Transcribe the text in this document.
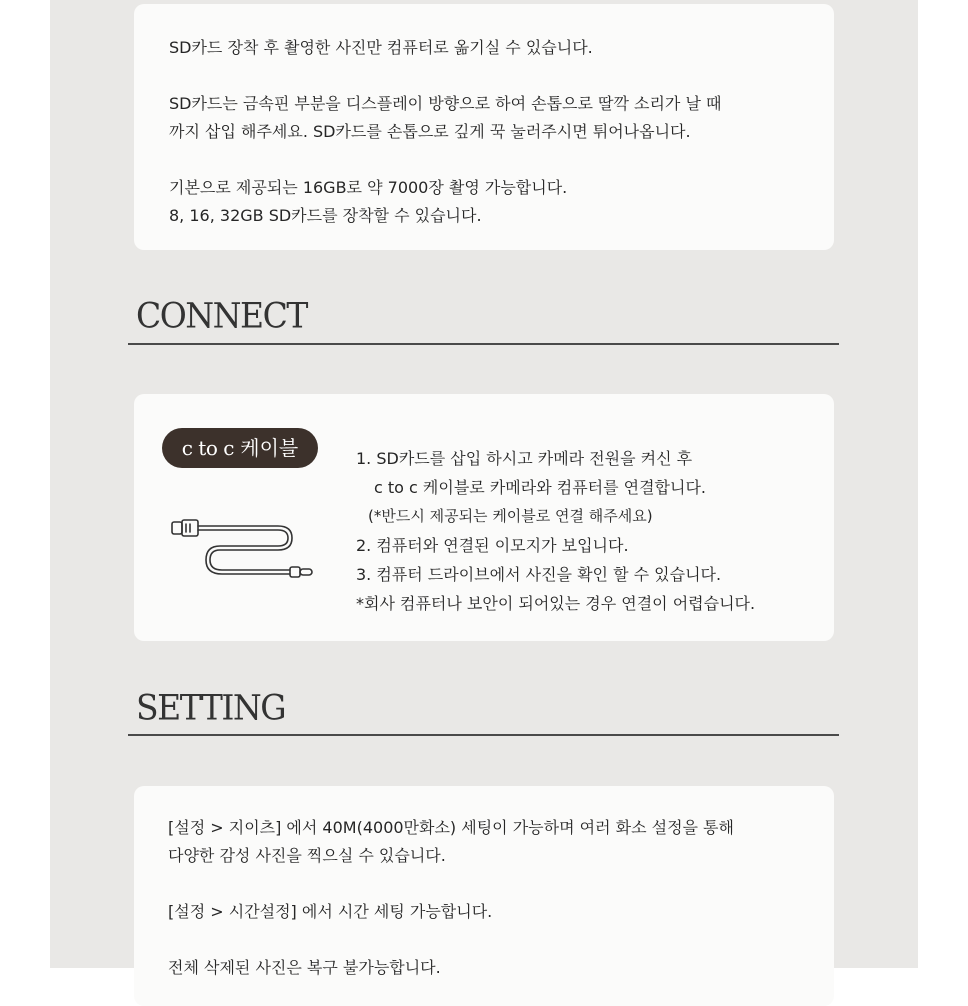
SD카드 장착 후 촬영한 사진만 컴퓨터로 옮기실 수 있습니다.

SD카드는 금속핀 부분을 디스플레이 방향으로 하여 손톱으로 딸깍 소리가 날 때

까지 삽입 해주세요. SD카드를 손톱으로 깊게 꾹 눌러주시면 튀어나옵니다.

기본으로 제공되는 16GB로 약 7000장 촬영 가능합니다.

8, 16, 32GB SD카드를 장착할 수 있습니다.

CONNECT
c to c 케이블	1. SD카드를 삽입 하시고 카메라 전원을 켜신 후

c to c 케이블로 카메라와 컴퓨터를 연결합니다.

(*반드시 제공되는 케이블로 연결 해주세요)

2. 컴퓨터와 연결된 이모지가 보입니다.

3. 컴퓨터 드라이브에서 사진을 확인 할 수 있습니다.

*회사 컴퓨터나 보안이 되어있는 경우 연결이 어렵습니다.

SETTING

[설정 > 지이츠] 에서 40M(4000만화소) 세팅이 가능하며 여러 화소 설정을 통해

다양한 감성 사진을 찍으실 수 있습니다.

[설정 > 시간설정] 에서 시간 세팅 가능합니다.

전체 삭제된 사진은 복구 불가능합니다.
